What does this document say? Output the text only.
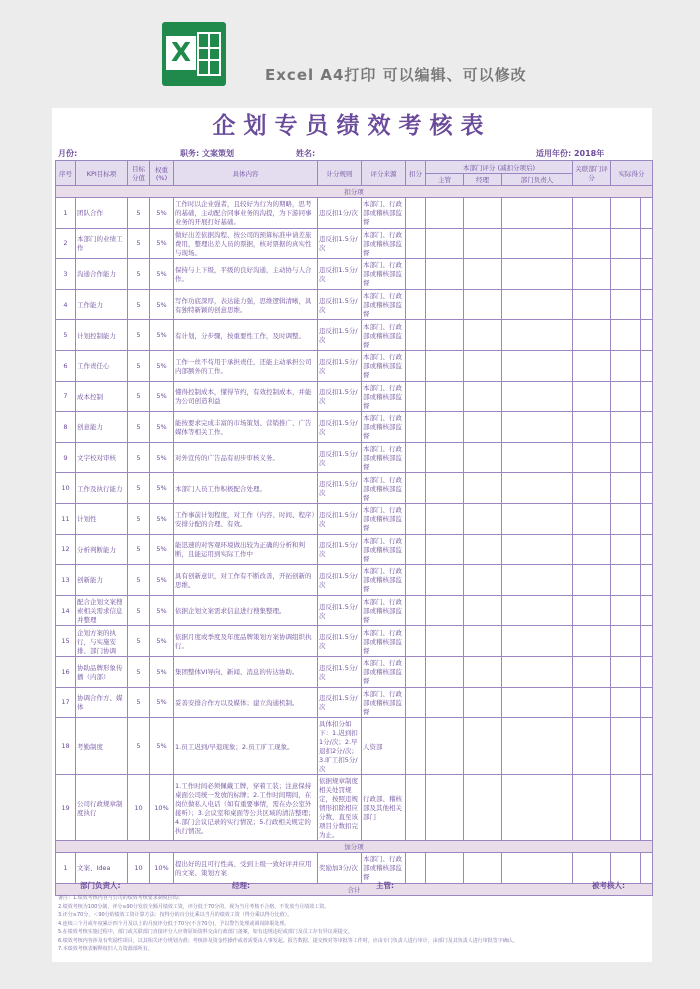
X
Excel A4打印 可以编辑、可以修改
企划专员绩效考核表
月份:	职务: 文案策划	姓名:	适用年份: 2018年
序号	KPI目标项	目标分值	权重(%)	具体内容	计分规则	评分来源	扣分	本部门评分 (减扣分项后)			关联部门评分	实际得分	
								主管	经理	部门负责人			
扣分项													
1	团队合作	5	5%	工作时以企业强者，且较好为行为的期略，思考的基础，主动配合同事业务的沟提，为下游同事业务的开展打好基础。	违反扣1分/次	本部门、行政部或稽核部监督							
2	本部门的业绩工作	5	5%	做好出差依据沟程、按公司的预算标准申请差旅费用，整理出差人员的票据，核对票据的真实性与现场。	违反扣1.5分/次	本部门、行政部或稽核部监督							
3	沟通合作能力	5	5%	保持与上下级，平级的良好沟通，主动协与人合作。	违反扣1.5分/次	本部门、行政部或稽核部监督							
4	工作能力	5	5%	写作功底深厚，表达能力强，思维逻辑清晰，具有独特新颖的创意思维。	违反扣1.5分/次	本部门、行政部或稽核部监督							
5	计划控制能力	5	5%	有计划，分步骤，按重要性工作，及时调整。	违反扣1.5分/次	本部门、行政部或稽核部监督							
6	工作责任心	5	5%	工作一丝不苟用于承担责任，还能主动承担公司内部额外的工作。	违反扣1.5分/次	本部门、行政部或稽核部监督							
7	成本控制	5	5%	懂得控制成本，懂得节约，有效控制成本，并能为公司创造利益	违反扣1.5分/次	本部门、行政部或稽核部监督							
8	创意能力	5	5%	能按要求完成丰富的市场策划、营销推广、广告媒体等相关工作。	违反扣1.5分/次	本部门、行政部或稽核部监督							
9	文字校对审核	5	5%	对外宣传的广告品有初步审核义务。	违反扣1.5分/次	本部门、行政部或稽核部监督							
10	工作及执行能力	5	5%	本部门人员工作积极配合处理。	违反扣1.5分/次	本部门、行政部或稽核部监督							
11	计划性	5	5%	工作事前计划程度，对工作（内容、时间、程序）安排分配的合理、有效。	违反扣1.5分/次	本部门、行政部或稽核部监督							
12	分析判断能力	5	5%	能迅速的对客观环境做出较为正确的分析和判断，且能运用到实际工作中	违反扣1.5分/次	本部门、行政部或稽核部监督							
13	创新能力	5	5%	具有创新意识，对工作有不断改善，开拓创新的思维。	违反扣1.5分/次	本部门、行政部或稽核部监督							
14	配合企划文案搜索相关需求信息并整理	5	5%	依据企划文案需求信息进行搜集整理。	违反扣1.5分/次	本部门、行政部或稽核部监督							
15	企划方案的执行，与实施安排、部门协调	5	5%	依据月度或季度及年度品牌策划方案协调组织执行。	违反扣1.5分/次	本部门、行政部或稽核部监督							
16	协助品牌形象传播（内部）	5	5%	集团整体VI导向、新闻、消息的传达协助。	违反扣1.5分/次	本部门、行政部或稽核部监督							
17	协调合作方、媒体	5	5%	妥善安排合作方以及媒体；建立沟通机制。	违反扣1.5分/次	本部门、行政部或稽核部监督							
18	考勤制度	5	5%	1.员工迟到/早退现象；2.员工旷工现象。	具体扣分如下：1.迟到扣1分/次；2.早退扣2分/次；3.旷工扣5分/次	人资部							
19	公司行政规章制度执行	10	10%	1.工作时间必须佩戴工牌，穿着工装；注意保持桌面公司统一发放的标牌；2.工作时间期间，在岗位做私人电话（如有重要事情，需在办公室外接听）；3.会议室和桌面等公共区域的清洁整理；4.部门会议记录的实行情况；5.行政相关规定的执行情况。	依据规章制度相关处罚规定，按照违规情形扣除相应分数，直至该项目分数扣完为止。	行政部、稽核部及其他相关部门							
加分项													
1	文案、Idea	10	10%	提出好的且可行性高、受到上级一致好评并应用的文案、策划方案	奖励加3分/次	本部门、行政部或稽核部监督							
合计													
部门负责人:	经理:	主管:	被考核人:
备注：1.绩效考核内容与公司的绩效考核要求制度挂钩；
2.绩效考核为100分制，评分≥90分发放全额月绩效工资，评分低于70分的，视为当月考核不合格，不发放当月绩效工资。
3.评分≥70分，＜90分的绩效工资计算方法：按得分的百分比乘以当月的绩效工资（得分乘以得分比值）。
4.连续三个月或年度累计四个月及以上的月度评分低于70分(不含70分)，予以警告处理或调岗降职处理。
5.在绩效考核实施过程中，部门或关联部门直接评分人应将原始资料交由行政部门备案，如有违规违纪或部门及员工存有异议须提交。
6.绩效考核内容涉及有奖励性项目，以其相关评分规划为准；考核涉及资金性操作或者需要由人事发起、报告数据、提交核对等审批等工作时，应由专门负责人进行审计，由部门及其负责人进行审批签字确认。
7.本绩效考核表解释权归人力资源部所有。
